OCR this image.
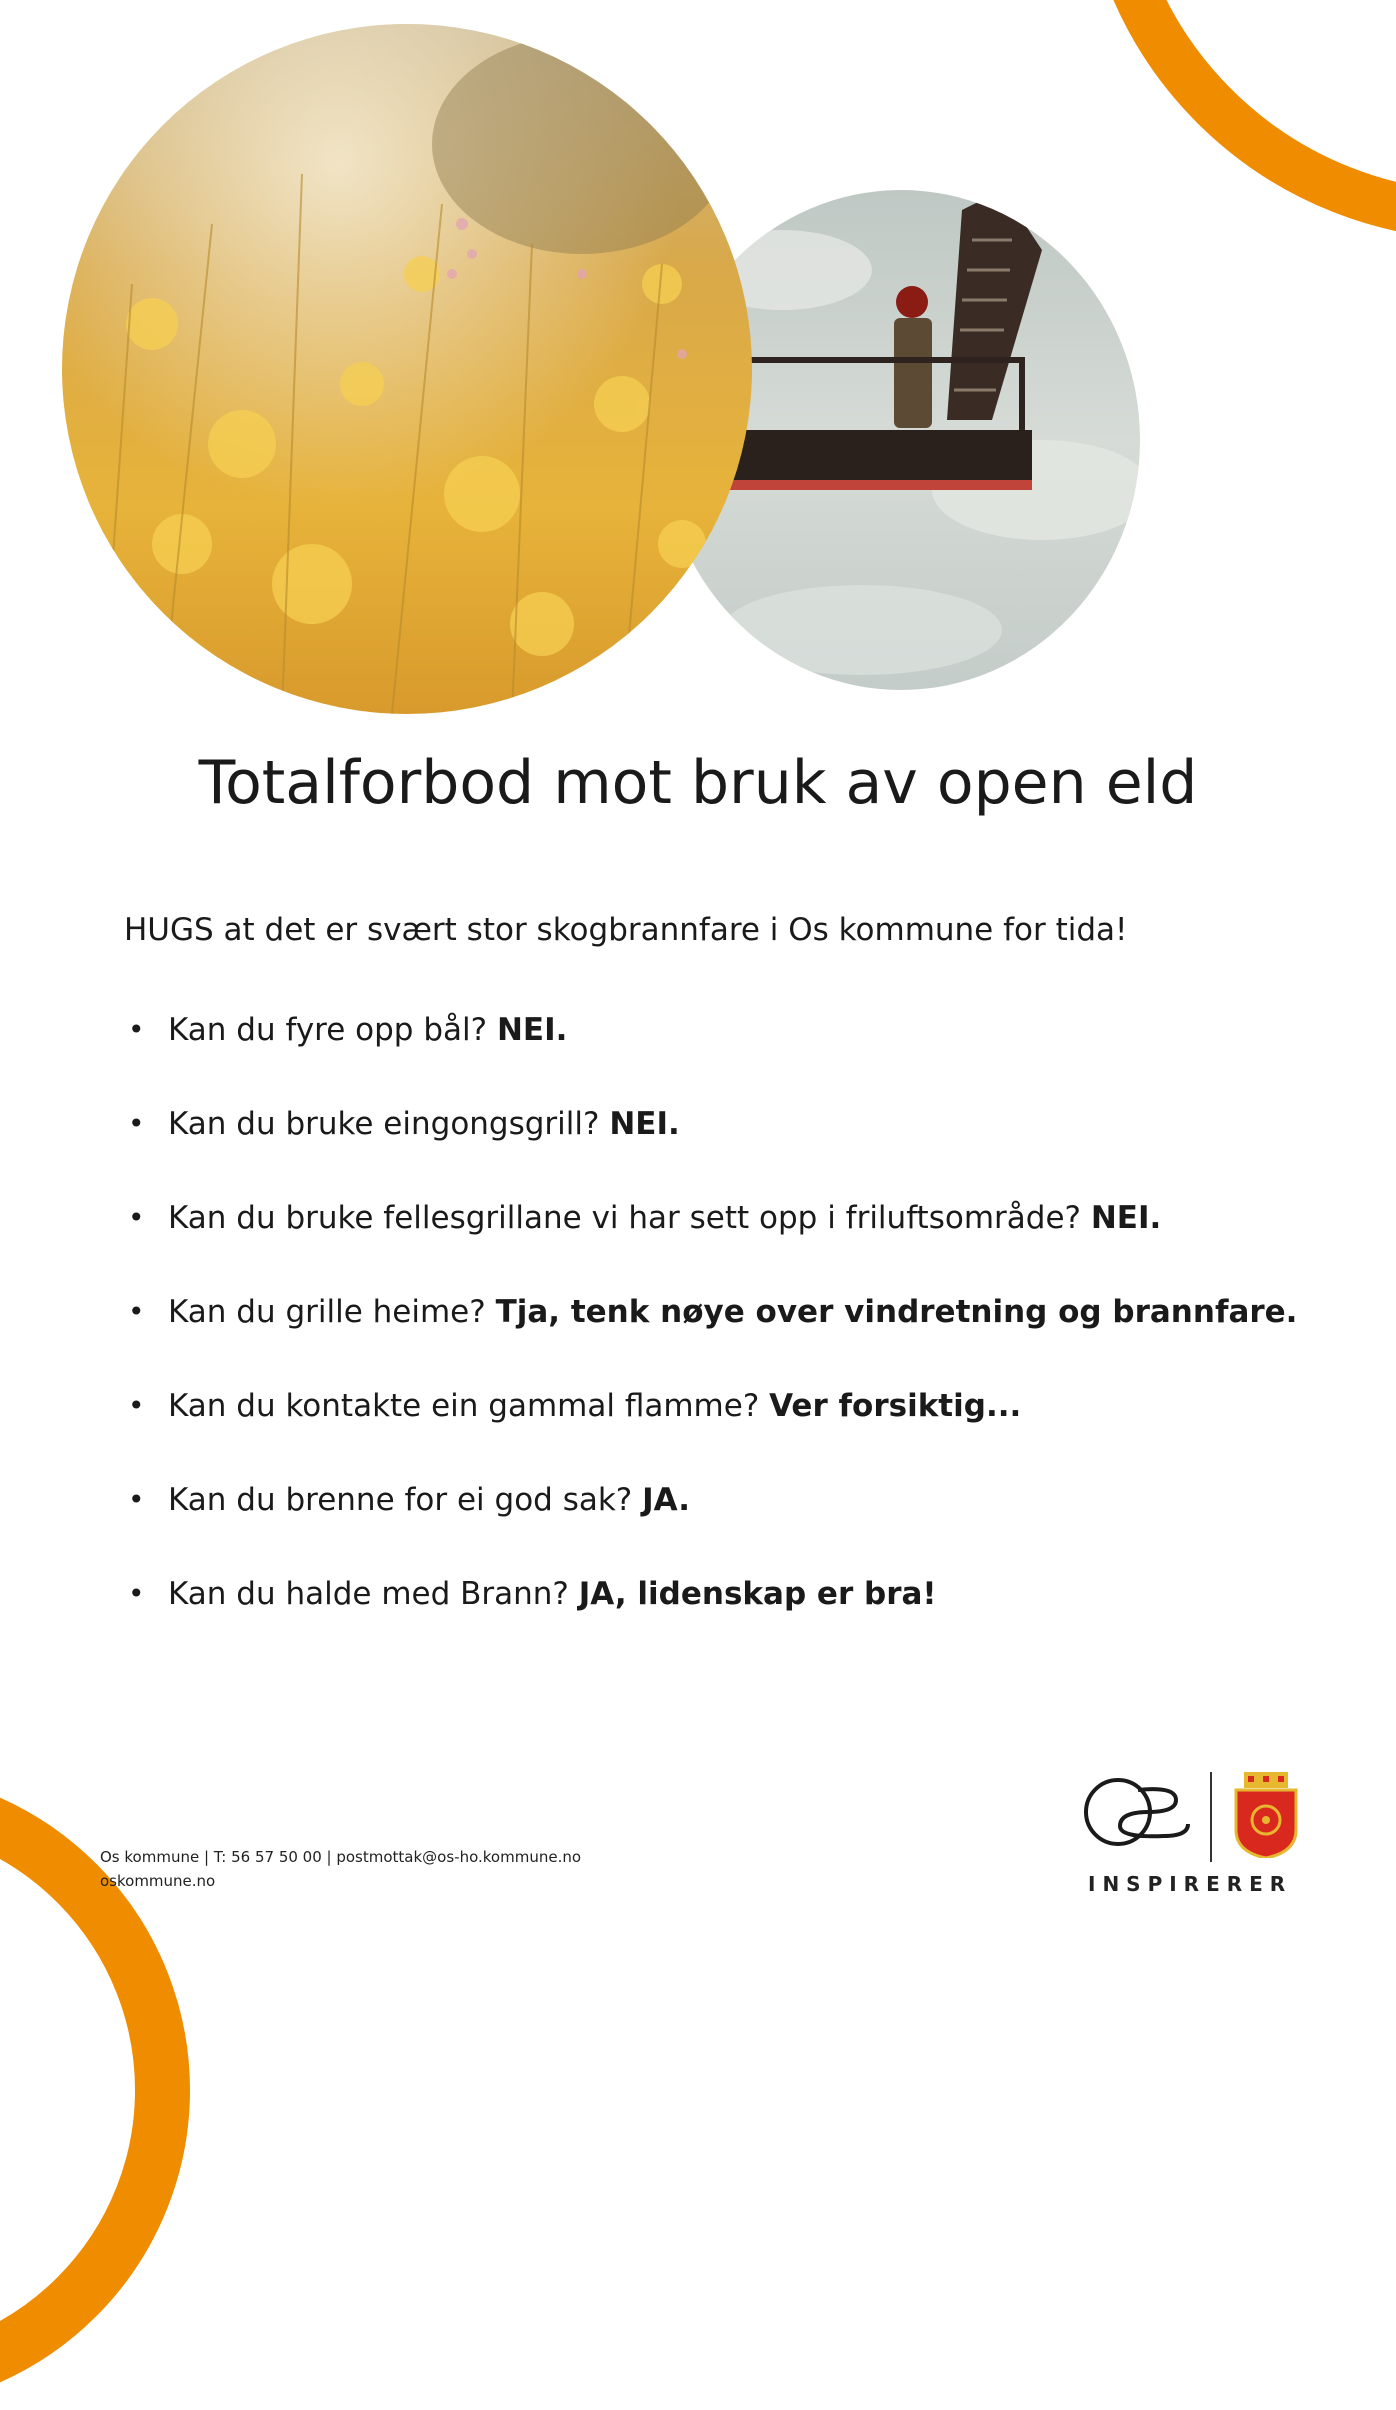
Totalforbod mot bruk av open eld

HUGS at det er svært stor skogbrannfare i Os kommune for tida!

• Kan du fyre opp bål? NEI.
• Kan du bruke eingongsgrill? NEI.
• Kan du bruke fellesgrillane vi har sett opp i friluftsområde? NEI.
• Kan du grille heime? Tja, tenk nøye over vindretning og brannfare.
• Kan du kontakte ein gammal flamme? Ver forsiktig...
• Kan du brenne for ei god sak? JA.
• Kan du halde med Brann? JA, lidenskap er bra!
Os kommune | T: 56 57 50 00 | postmottak@os-ho.kommune.no
oskommune.no	INSPIRERER
